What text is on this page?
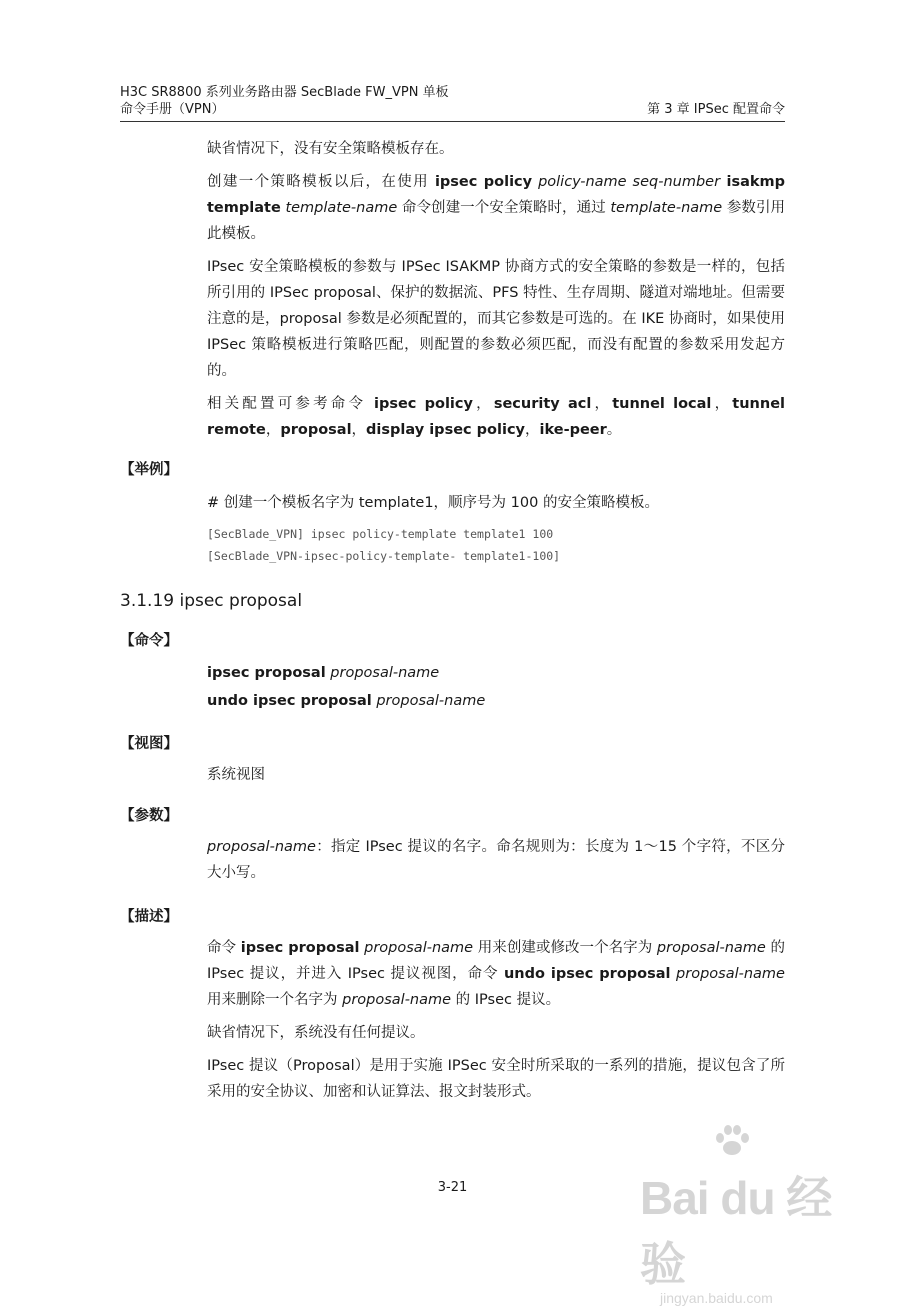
H3C SR8800 系列业务路由器 SecBlade FW_VPN 单板
命令手册（VPN）	第 3 章 IPSec 配置命令

缺省情况下，没有安全策略模板存在。

创建一个策略模板以后，在使用 ipsec policy policy-name seq-number isakmp template template-name 命令创建一个安全策略时，通过 template-name 参数引用此模板。

IPsec 安全策略模板的参数与 IPSec ISAKMP 协商方式的安全策略的参数是一样的，包括所引用的 IPSec proposal、保护的数据流、PFS 特性、生存周期、隧道对端地址。但需要注意的是，proposal 参数是必须配置的，而其它参数是可选的。在 IKE 协商时，如果使用 IPSec 策略模板进行策略匹配，则配置的参数必须匹配，而没有配置的参数采用发起方的。

相关配置可参考命令 ipsec policy，security acl，tunnel local，tunnel remote，proposal，display ipsec policy，ike-peer。

【举例】
# 创建一个模板名字为 template1，顺序号为 100 的安全策略模板。
[SecBlade_VPN] ipsec policy-template template1 100
[SecBlade_VPN-ipsec-policy-template- template1-100]
3.1.19 ipsec proposal
【命令】
ipsec proposal proposal-name
undo ipsec proposal proposal-name
【视图】
系统视图
【参数】
proposal-name：指定 IPsec 提议的名字。命名规则为：长度为 1～15 个字符，不区分大小写。
【描述】

命令 ipsec proposal proposal-name 用来创建或修改一个名字为 proposal-name 的 IPsec 提议，并进入 IPsec 提议视图，命令 undo ipsec proposal proposal-name 用来删除一个名字为 proposal-name 的 IPsec 提议。

缺省情况下，系统没有任何提议。

IPsec 提议（Proposal）是用于实施 IPSec 安全时所采取的一系列的措施，提议包含了所采用的安全协议、加密和认证算法、报文封装形式。

3-21	Bai du 经验
jingyan.baidu.com
